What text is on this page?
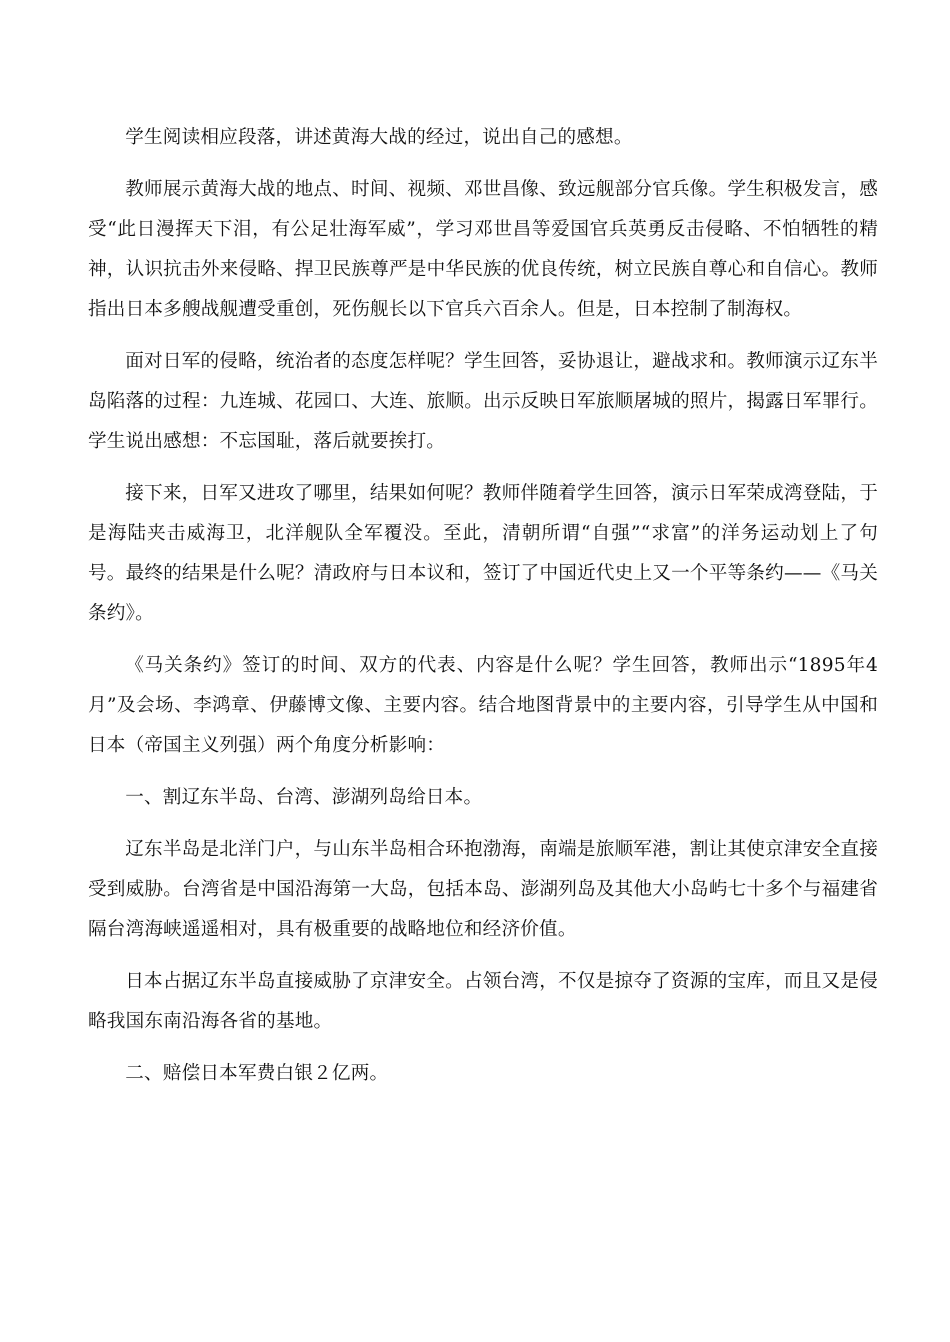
学生阅读相应段落，讲述黄海大战的经过，说出自己的感想。

教师展示黄海大战的地点、时间、视频、邓世昌像、致远舰部分官兵像。学生积极发言，感受“此日漫挥天下泪，有公足壮海军威”，学习邓世昌等爱国官兵英勇反击侵略、不怕牺牲的精神，认识抗击外来侵略、捍卫民族尊严是中华民族的优良传统，树立民族自尊心和自信心。教师指出日本多艘战舰遭受重创，死伤舰长以下官兵六百余人。但是，日本控制了制海权。

面对日军的侵略，统治者的态度怎样呢？学生回答，妥协退让，避战求和。教师演示辽东半岛陷落的过程：九连城、花园口、大连、旅顺。出示反映日军旅顺屠城的照片，揭露日军罪行。学生说出感想：不忘国耻，落后就要挨打。

接下来，日军又进攻了哪里，结果如何呢？教师伴随着学生回答，演示日军荣成湾登陆，于是海陆夹击威海卫，北洋舰队全军覆没。至此，清朝所谓“自强”“求富”的洋务运动划上了句号。最终的结果是什么呢？清政府与日本议和，签订了中国近代史上又一个平等条约——《马关条约》。

《马关条约》签订的时间、双方的代表、内容是什么呢？学生回答，教师出示“1895年4月”及会场、李鸿章、伊藤博文像、主要内容。结合地图背景中的主要内容，引导学生从中国和日本（帝国主义列强）两个角度分析影响：

一、割辽东半岛、台湾、澎湖列岛给日本。

辽东半岛是北洋门户，与山东半岛相合环抱渤海，南端是旅顺军港，割让其使京津安全直接受到威胁。台湾省是中国沿海第一大岛，包括本岛、澎湖列岛及其他大小岛屿七十多个与福建省隔台湾海峡遥遥相对，具有极重要的战略地位和经济价值。

日本占据辽东半岛直接威胁了京津安全。占领台湾，不仅是掠夺了资源的宝库，而且又是侵略我国东南沿海各省的基地。

二、赔偿日本军费白银２亿两。
